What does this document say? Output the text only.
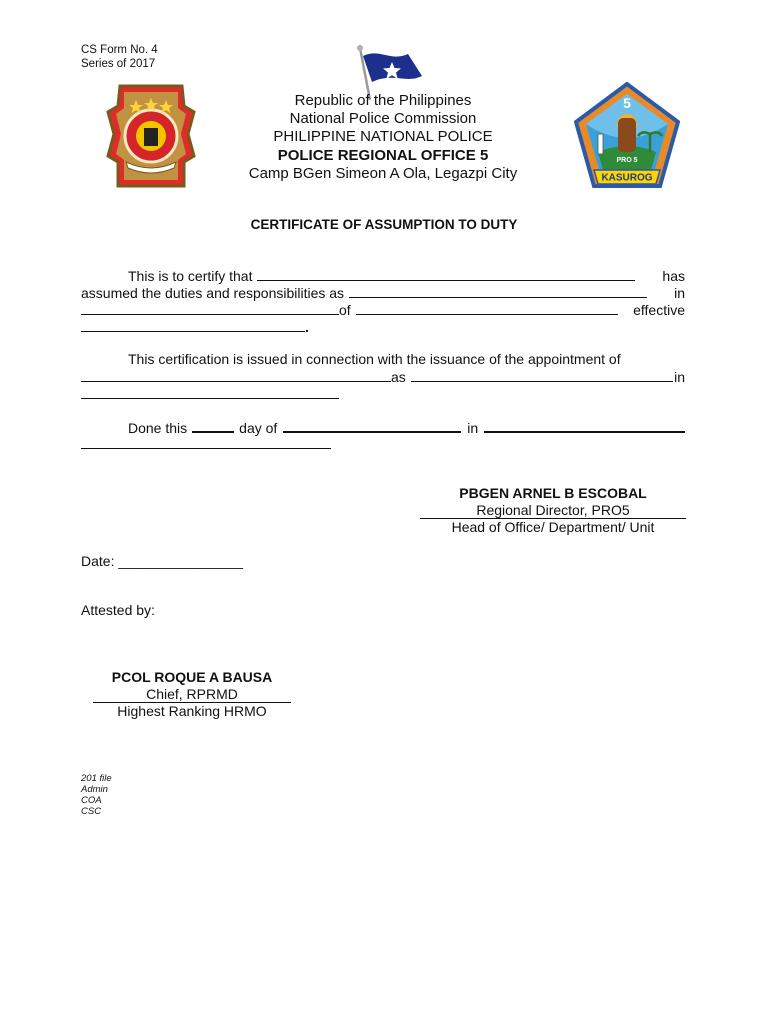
CS Form No. 4
Series of 2017
5
PRO 5
KASUROG
Republic of the Philippines
National Police Commission
PHILIPPINE NATIONAL POLICE
POLICE REGIONAL OFFICE 5
Camp BGen Simeon A Ola, Legazpi City
CERTIFICATE OF ASSUMPTION TO DUTY
This is to certify that	has
assumed the duties and responsibilities as	in
of	effective
.
This certification is issued in connection with the issuance of the appointment of
as	in
Done this	day of	in
PBGEN ARNEL B ESCOBAL
Regional Director, PRO5
Head of Office/ Department/ Unit
Date: ________________
Attested by:
PCOL ROQUE A BAUSA
Chief, RPRMD
Highest Ranking HRMO
201 file
Admin
COA
CSC
